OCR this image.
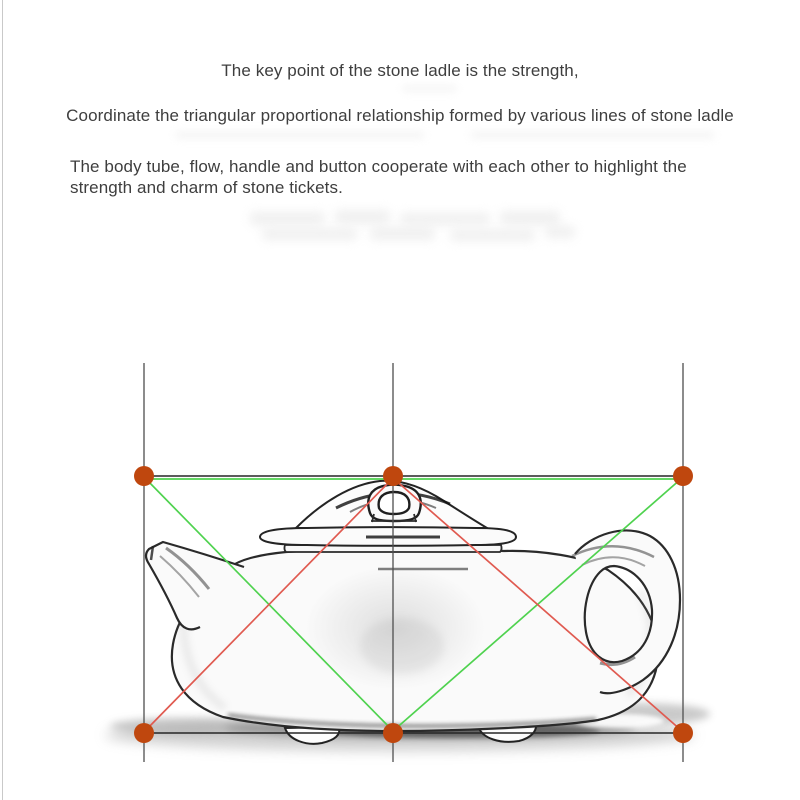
The key point of the stone ladle is the strength,

Coordinate the triangular proportional relationship formed by various lines of stone ladle

The body tube, flow, handle and button cooperate with each other to highlight the strength and charm of stone tickets.
